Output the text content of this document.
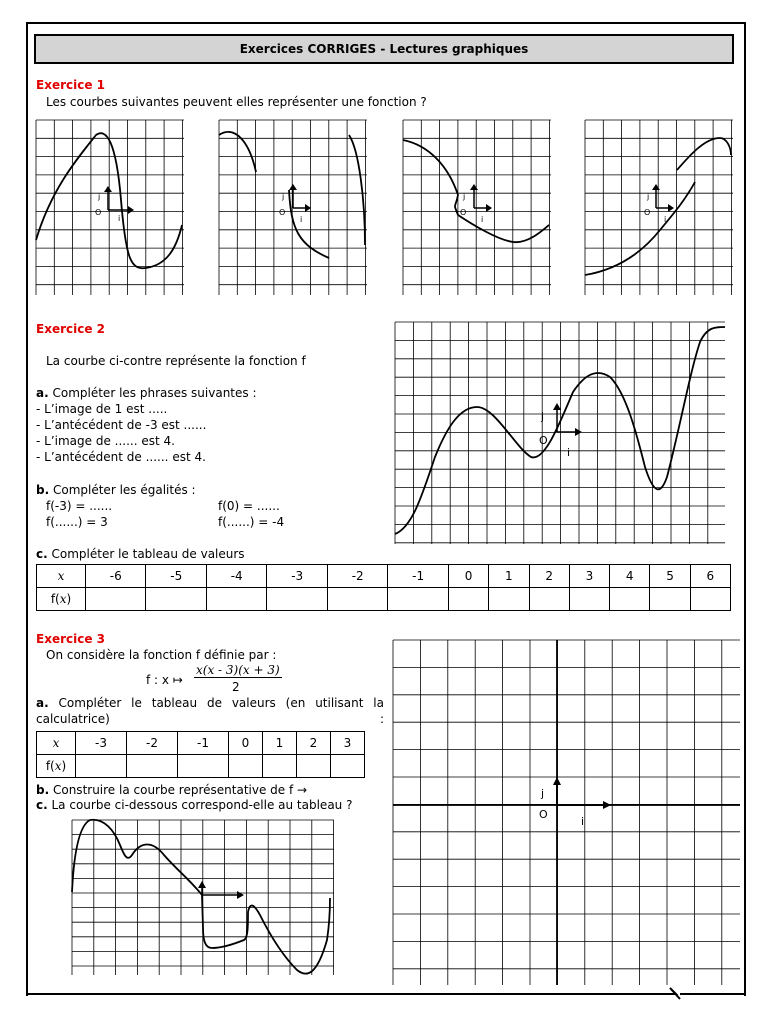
Exercices CORRIGES - Lectures graphiques
Exercice 1
Les courbes suivantes peuvent elles représenter une fonction ?
O
j
i
O
j
i
O
j
i
O
j
i
Exercice 2
La courbe ci-contre représente la fonction f
a. Compléter les phrases suivantes :
- L’image de 1 est .....
- L’antécédent de -3 est ......
- L’image de ...... est 4.
- L’antécédent de ...... est 4.
b. Compléter les égalités :
f(-3) = ......	f(0) = ......
f(......) = 3	f(......) = -4
O
j
i
c. Compléter le tableau de valeurs
x	-6	-5	-4	-3	-2	-1	0	1	2	3	4	5	6
f(x)													
Exercice 3
On considère la fonction f définie par :
f : x ↦
x(x - 3)(x + 3)
2
a. Compléter le tableau de valeurs (en utilisant la calculatrice) :
x	-3	-2	-1	0	1	2	3
f(x)							
b. Construire la courbe représentative de f →
c. La courbe ci-dessous correspond-elle au tableau ?
O
j
i
